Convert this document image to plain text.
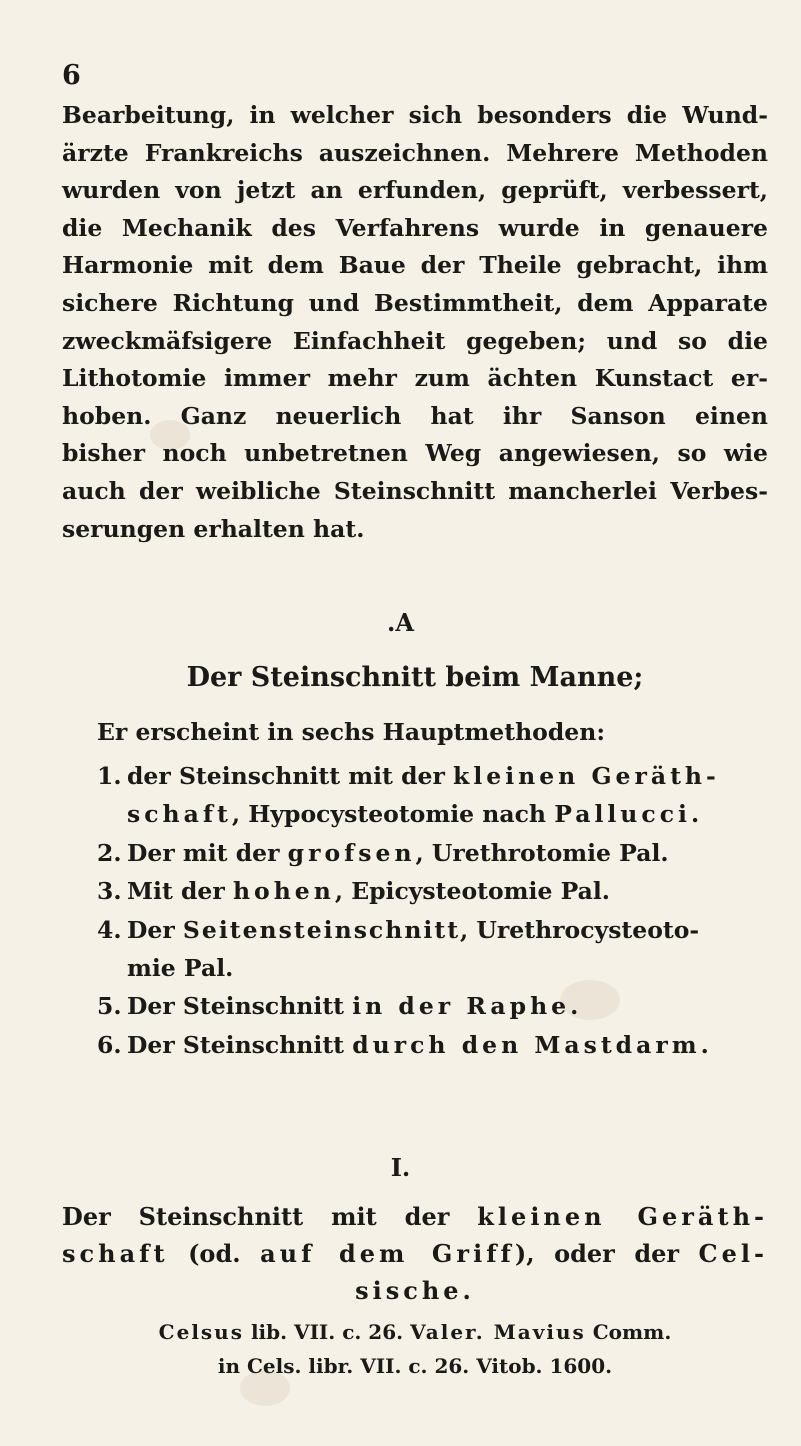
6
Bearbeitung, in welcher sich besonders die Wund-
ärzte Frankreichs auszeichnen. Mehrere Methoden
wurden von jetzt an erfunden, geprüft, verbessert,
die Mechanik des Verfahrens wurde in genauere
Harmonie mit dem Baue der Theile gebracht, ihm
sichere Richtung und Bestimmtheit, dem Apparate
zweckmäfsigere Einfachheit gegeben; und so die
Lithotomie immer mehr zum ächten Kunstact er-
hoben. Ganz neuerlich hat ihr Sanson einen
bisher noch unbetretnen Weg angewiesen, so wie
auch der weibliche Steinschnitt mancherlei Verbes-
serungen erhalten hat.
.A
Der Steinschnitt beim Manne;
Er erscheint in sechs Hauptmethoden:
1. der Steinschnitt mit der kleinen Geräth-
schaft, Hypocysteotomie nach Pallucci.
2. Der mit der grofsen, Urethrotomie Pal.
3. Mit der hohen, Epicysteotomie Pal.
4. Der Seitensteinschnitt, Urethrocysteoto-
mie Pal.
5. Der Steinschnitt in der Raphe.
6. Der Steinschnitt durch den Mastdarm.
I.
Der Steinschnitt mit der kleinen Geräth-
schaft (od. auf dem Griff), oder der Cel-
sische.
Celsus lib. VII. c. 26. Valer. Mavius Comm.
in Cels. libr. VII. c. 26. Vitob. 1600.
